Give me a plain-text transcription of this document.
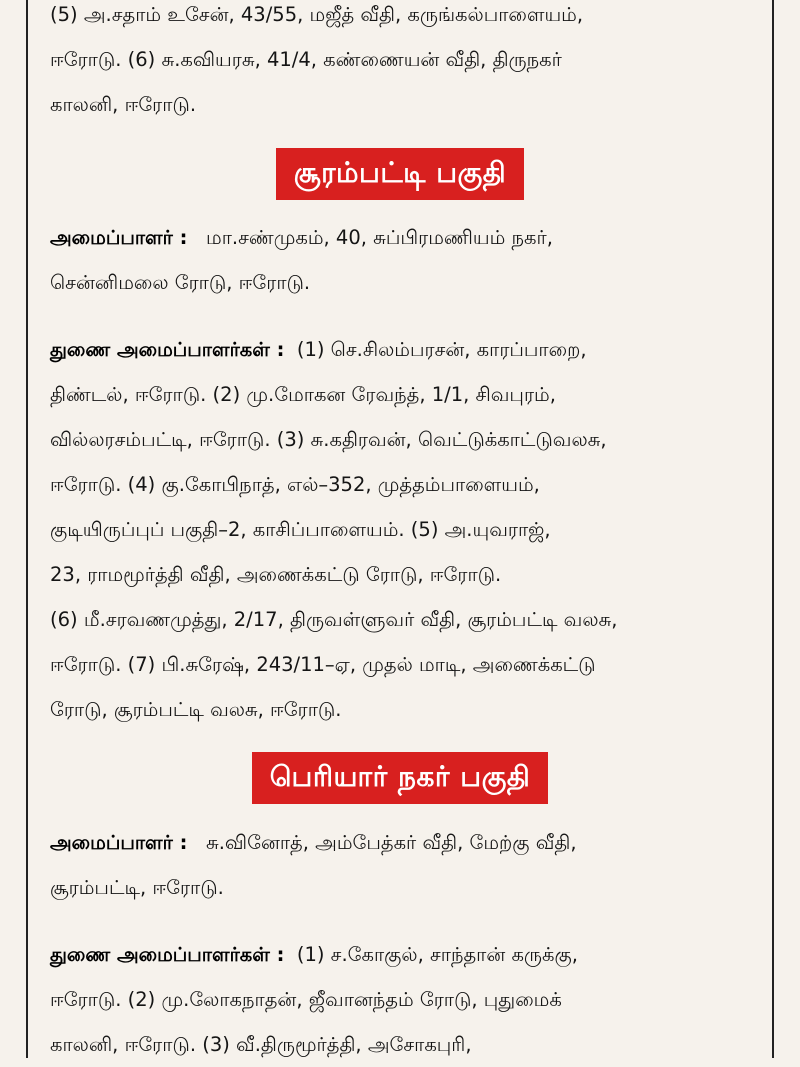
(5) அ.சதாம் உசேன், 43/55, மஜீத் வீதி, கருங்கல்பாளையம்,

ஈரோடு. (6) சு.கவியரசு, 41/4, கண்ணையன் வீதி, திருநகர்

காலனி, ஈரோடு.

சூரம்பட்டி பகுதி

அமைப்பாளர் : மா.சண்முகம், 40, சுப்பிரமணியம் நகர்,

சென்னிமலை ரோடு, ஈரோடு.

துணை அமைப்பாளர்கள் : (1) செ.சிலம்பரசன், காரப்பாறை,

திண்டல், ஈரோடு. (2) மு.மோகன ரேவந்த், 1/1, சிவபுரம்,

வில்லரசம்பட்டி, ஈரோடு. (3) சு.கதிரவன், வெட்டுக்காட்டுவலசு,

ஈரோடு. (4) கு.கோபிநாத், எல்–352, முத்தம்பாளையம்,

குடியிருப்புப் பகுதி–2, காசிப்பாளையம். (5) அ.யுவராஜ்,

23, ராமமூர்த்தி வீதி, அணைக்கட்டு ரோடு, ஈரோடு.

(6) மீ.சரவணமுத்து, 2/17, திருவள்ளுவர் வீதி, சூரம்பட்டி வலசு,

ஈரோடு. (7) பி.சுரேஷ், 243/11–ஏ, முதல் மாடி, அணைக்கட்டு

ரோடு, சூரம்பட்டி வலசு, ஈரோடு.

பெரியார் நகர் பகுதி

அமைப்பாளர் : சு.வினோத், அம்பேத்கர் வீதி, மேற்கு வீதி,

சூரம்பட்டி, ஈரோடு.

துணை அமைப்பாளர்கள் : (1) ச.கோகுல், சாந்தான் கருக்கு,

ஈரோடு. (2) மு.லோகநாதன், ஜீவானந்தம் ரோடு, புதுமைக்

காலனி, ஈரோடு. (3) வீ.திருமூர்த்தி, அசோகபுரி,
